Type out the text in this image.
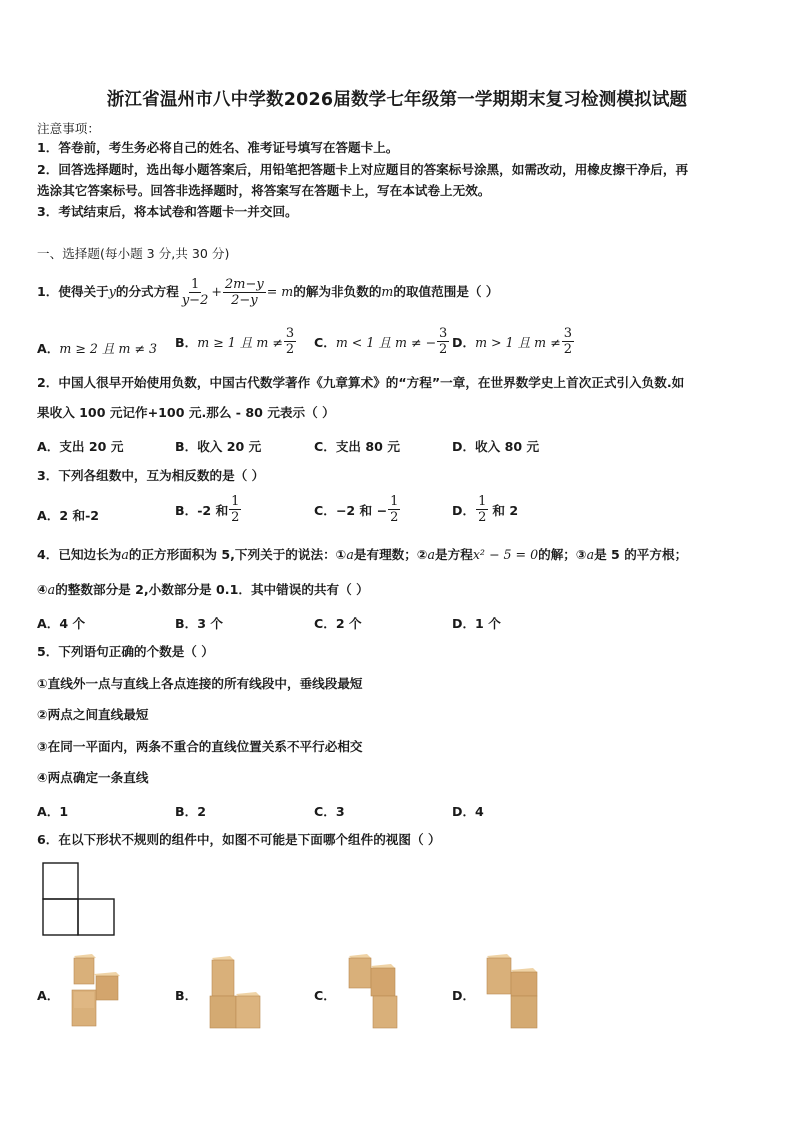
浙江省温州市八中学数2026届数学七年级第一学期期末复习检测模拟试题
注意事项：
1．答卷前，考生务必将自己的姓名、准考证号填写在答题卡上。
2．回答选择题时，选出每小题答案后，用铅笔把答题卡上对应题目的答案标号涂黑，如需改动，用橡皮擦干净后，再
选涂其它答案标号。回答非选择题时，将答案写在答题卡上，写在本试卷上无效。
3．考试结束后，将本试卷和答题卡一并交回。
一、选择题(每小题 3 分,共 30 分)
1．使得关于 y 的分式方程 $\frac{1}{y-2} + \frac{2m-y}{2-y} = m$ 的解为非负数的 m 的取值范围是（ ）
A．m ≥ 2 且 m ≠ 3 B． m ≥ 1 且 $m \ne \frac{3}{2}$ C． m < 1 且 m ≠ − $\frac{3}{2}$ D． m > 1 且 $m \ne \frac{3}{2}$
2．中国人很早开始使用负数，中国古代数学著作《九章算术》的“方程”一章，在世界数学史上首次正式引入负数.如
果收入 100 元记作+100 元.那么 - 80 元表示（ ）
A．支出 20 元	B．收入 20 元	C．支出 80 元	D．收入 80 元
3．下列各组数中，互为相反数的是（ ）
A．2 和-2	B．-2 和 $\frac{1}{2}$	C．−2 和 − $\frac{1}{2}$	D． $\frac{1}{2}$ 和 2
4．已知边长为a的正方形面积为 5,下列关于的说法：①a是有理数；②a是方程x² − 5 = 0的解；③a是 5 的平方根；
④a的整数部分是 2,小数部分是 0.1．其中错误的共有（ ）
A．4 个	B．3 个	C．2 个	D．1 个
5．下列语句正确的个数是（ ）
①直线外一点与直线上各点连接的所有线段中，垂线段最短
②两点之间直线最短
③在同一平面内，两条不重合的直线位置关系不平行必相交
④两点确定一条直线
A．1	B．2	C．3	D．4
6．在以下形状不规则的组件中，如图不可能是下面哪个组件的视图（ ）
A．	B．	C．	D．
